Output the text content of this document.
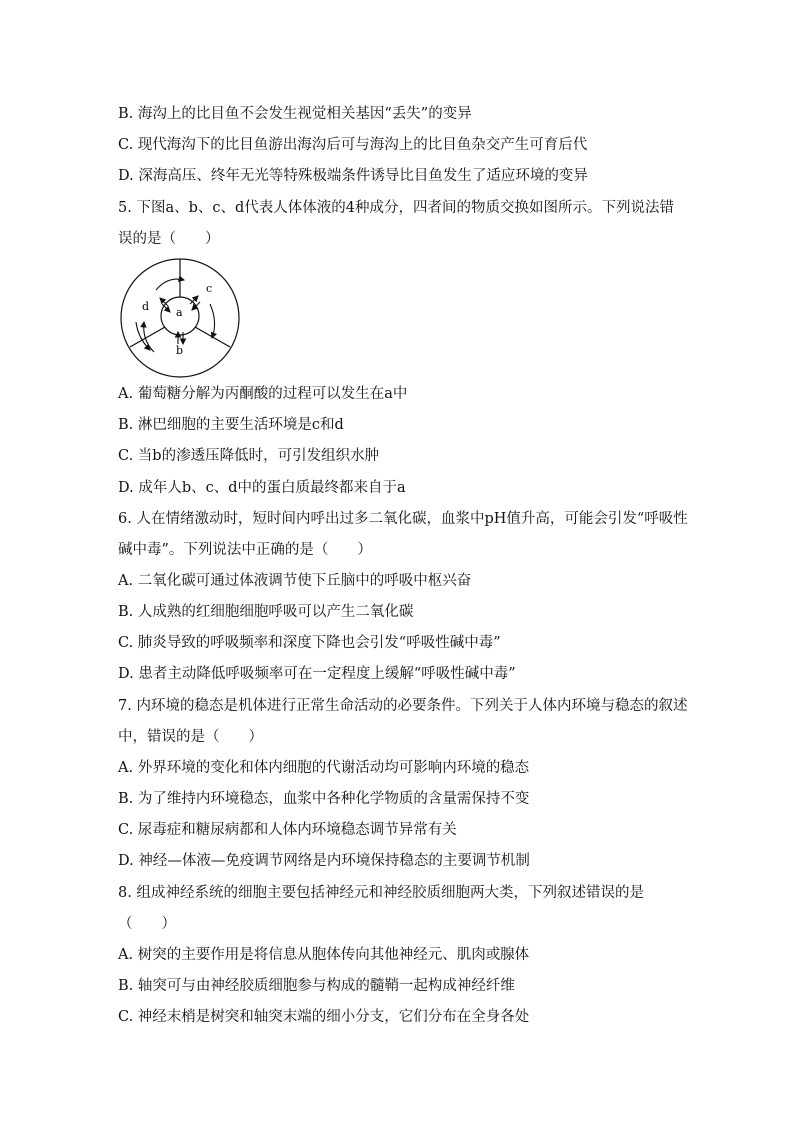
B. 海沟上的比目鱼不会发生视觉相关基因“丢失”的变异
C. 现代海沟下的比目鱼游出海沟后可与海沟上的比目鱼杂交产生可育后代
D. 深海高压、终年无光等特殊极端条件诱导比目鱼发生了适应环境的变异
5. 下图a、b、c、d代表人体体液的4种成分，四者间的物质交换如图所示。下列说法错
误的是（　　）
a
b
c
d
A. 葡萄糖分解为丙酮酸的过程可以发生在a中
B. 淋巴细胞的主要生活环境是c和d
C. 当b的渗透压降低时，可引发组织水肿
D. 成年人b、c、d中的蛋白质最终都来自于a
6. 人在情绪激动时，短时间内呼出过多二氧化碳，血浆中pH值升高，可能会引发“呼吸性
碱中毒”。下列说法中正确的是（　　）
A. 二氧化碳可通过体液调节使下丘脑中的呼吸中枢兴奋
B. 人成熟的红细胞细胞呼吸可以产生二氧化碳
C. 肺炎导致的呼吸频率和深度下降也会引发“呼吸性碱中毒”
D. 患者主动降低呼吸频率可在一定程度上缓解“呼吸性碱中毒”
7. 内环境的稳态是机体进行正常生命活动的必要条件。下列关于人体内环境与稳态的叙述
中，错误的是（　　）
A. 外界环境的变化和体内细胞的代谢活动均可影响内环境的稳态
B. 为了维持内环境稳态，血浆中各种化学物质的含量需保持不变
C. 尿毒症和糖尿病都和人体内环境稳态调节异常有关
D. 神经—体液—免疫调节网络是内环境保持稳态的主要调节机制
8. 组成神经系统的细胞主要包括神经元和神经胶质细胞两大类，下列叙述错误的是
（　　）
A. 树突的主要作用是将信息从胞体传向其他神经元、肌肉或腺体
B. 轴突可与由神经胶质细胞参与构成的髓鞘一起构成神经纤维
C. 神经末梢是树突和轴突末端的细小分支，它们分布在全身各处
